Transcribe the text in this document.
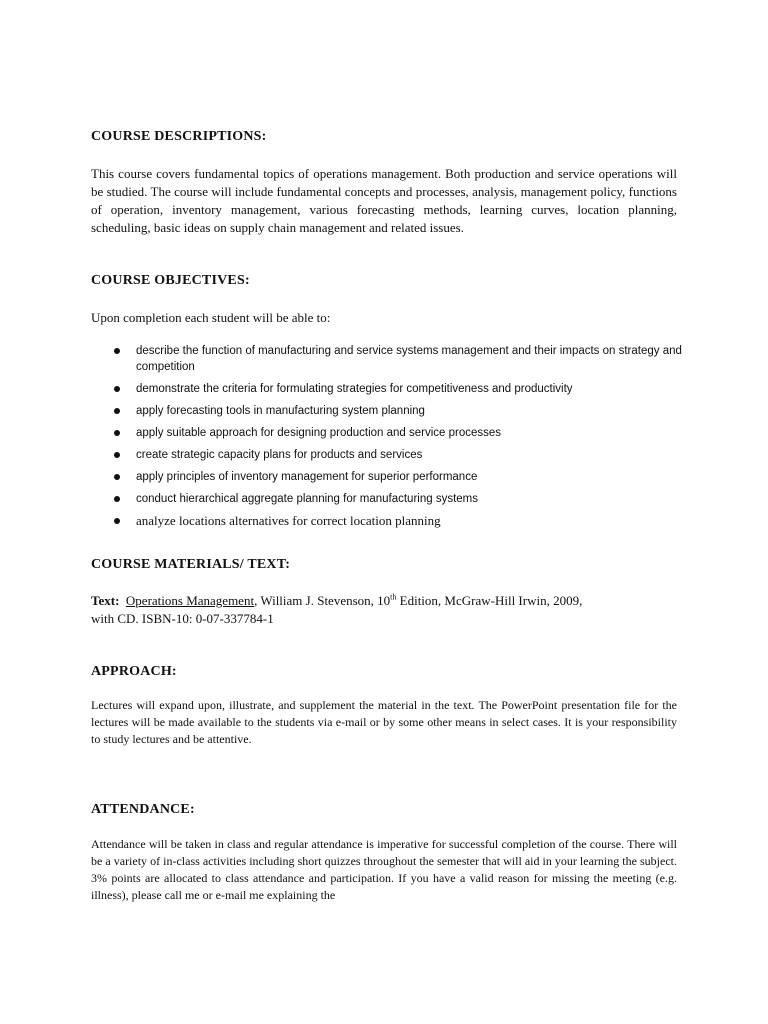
COURSE DESCRIPTIONS:
This course covers fundamental topics of operations management. Both production and service operations will be studied. The course will include fundamental concepts and processes, analysis, management policy, functions of operation, inventory management, various forecasting methods, learning curves, location planning, scheduling, basic ideas on supply chain management and related issues.
COURSE OBJECTIVES:
Upon completion each student will be able to:
describe the function of manufacturing and service systems management and their impacts on strategy and competition
demonstrate the criteria for formulating strategies for competitiveness and productivity
apply forecasting tools in manufacturing system planning
apply suitable approach for designing production and service processes
create strategic capacity plans for products and services
apply principles of inventory management for superior performance
conduct hierarchical aggregate planning for manufacturing systems
analyze locations alternatives for correct location planning
COURSE MATERIALS/ TEXT:
Text: Operations Management, William J. Stevenson, 10th Edition, McGraw-Hill Irwin, 2009,
with CD. ISBN-10: 0-07-337784-1
APPROACH:
Lectures will expand upon, illustrate, and supplement the material in the text. The PowerPoint presentation file for the lectures will be made available to the students via e-mail or by some other means in select cases. It is your responsibility to study lectures and be attentive.
ATTENDANCE:
Attendance will be taken in class and regular attendance is imperative for successful completion of the course. There will be a variety of in-class activities including short quizzes throughout the semester that will aid in your learning the subject. 3% points are allocated to class attendance and participation. If you have a valid reason for missing the meeting (e.g. illness), please call me or e-mail me explaining the
